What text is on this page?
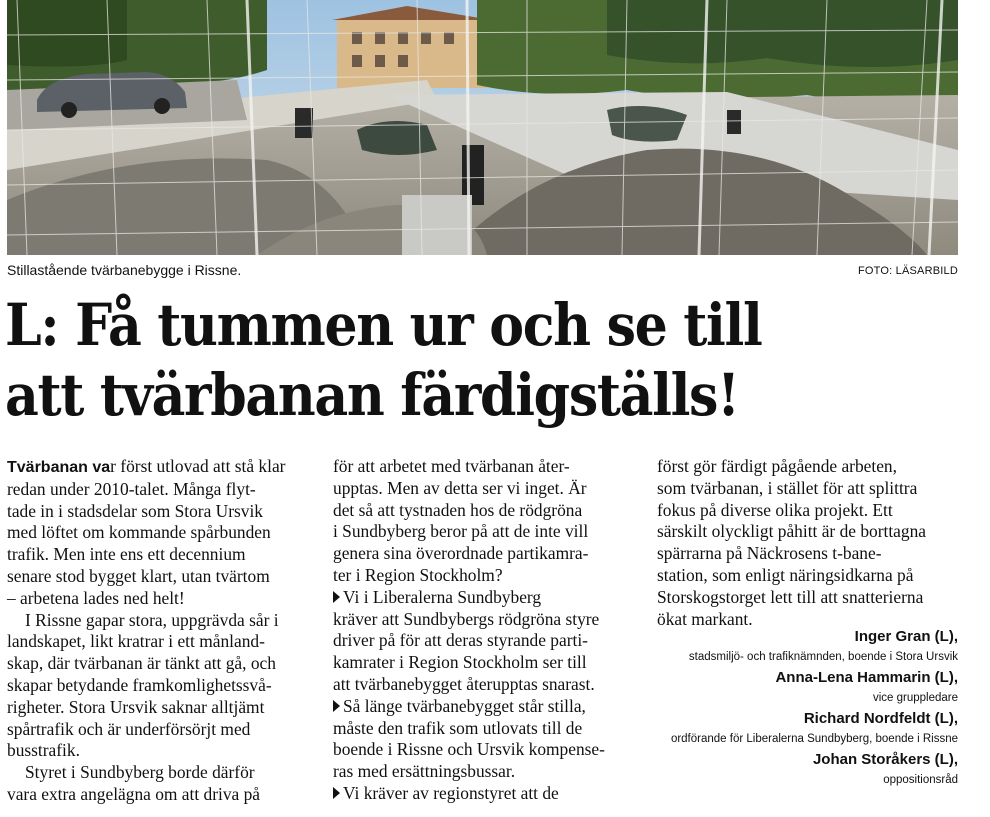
Stillastående tvärbanebygge i Rissne.	FOTO: LÄSARBILD
L: Få tummen ur och se till
att tvärbanan färdigställs!

Tvärbanan var först utlovad att stå klar
redan under 2010-talet. Många flyt-
tade in i stadsdelar som Stora Ursvik
med löftet om kommande spårbunden
trafik. Men inte ens ett decennium
senare stod bygget klart, utan tvärtom
– arbetena lades ned helt!

I Rissne gapar stora, uppgrävda sår i
landskapet, likt kratrar i ett månland-
skap, där tvärbanan är tänkt att gå, och
skapar betydande framkomlighetssvå-
righeter. Stora Ursvik saknar alltjämt
spårtrafik och är underförsörjt med
busstrafik.

Styret i Sundbyberg borde därför
vara extra angelägna om att driva på

för att arbetet med tvärbanan åter-
upptas. Men av detta ser vi inget. Är
det så att tystnaden hos de rödgröna
i Sundbyberg beror på att de inte vill
genera sina överordnade partikamra-
ter i Region Stockholm?

Vi i Liberalerna Sundbyberg
kräver att Sundbybergs rödgröna styre
driver på för att deras styrande parti-
kamrater i Region Stockholm ser till
att tvärbanebygget återupptas snarast.

Så länge tvärbanebygget står stilla,
måste den trafik som utlovats till de
boende i Rissne och Ursvik kompense-
ras med ersättningsbussar.

Vi kräver av regionstyret att de

först gör färdigt pågående arbeten,
som tvärbanan, i stället för att splittra
fokus på diverse olika projekt. Ett
särskilt olyckligt påhitt är de borttagna
spärrarna på Näckrosens t-bane-
station, som enligt näringsidkarna på
Storskogstorget lett till att snatterierna
ökat markant.

Inger Gran (L),
stadsmiljö- och trafiknämnden, boende i Stora Ursvik
Anna-Lena Hammarin (L),
vice gruppledare
Richard Nordfeldt (L),
ordförande för Liberalerna Sundbyberg, boende i Rissne
Johan Storåkers (L),
oppositionsråd
